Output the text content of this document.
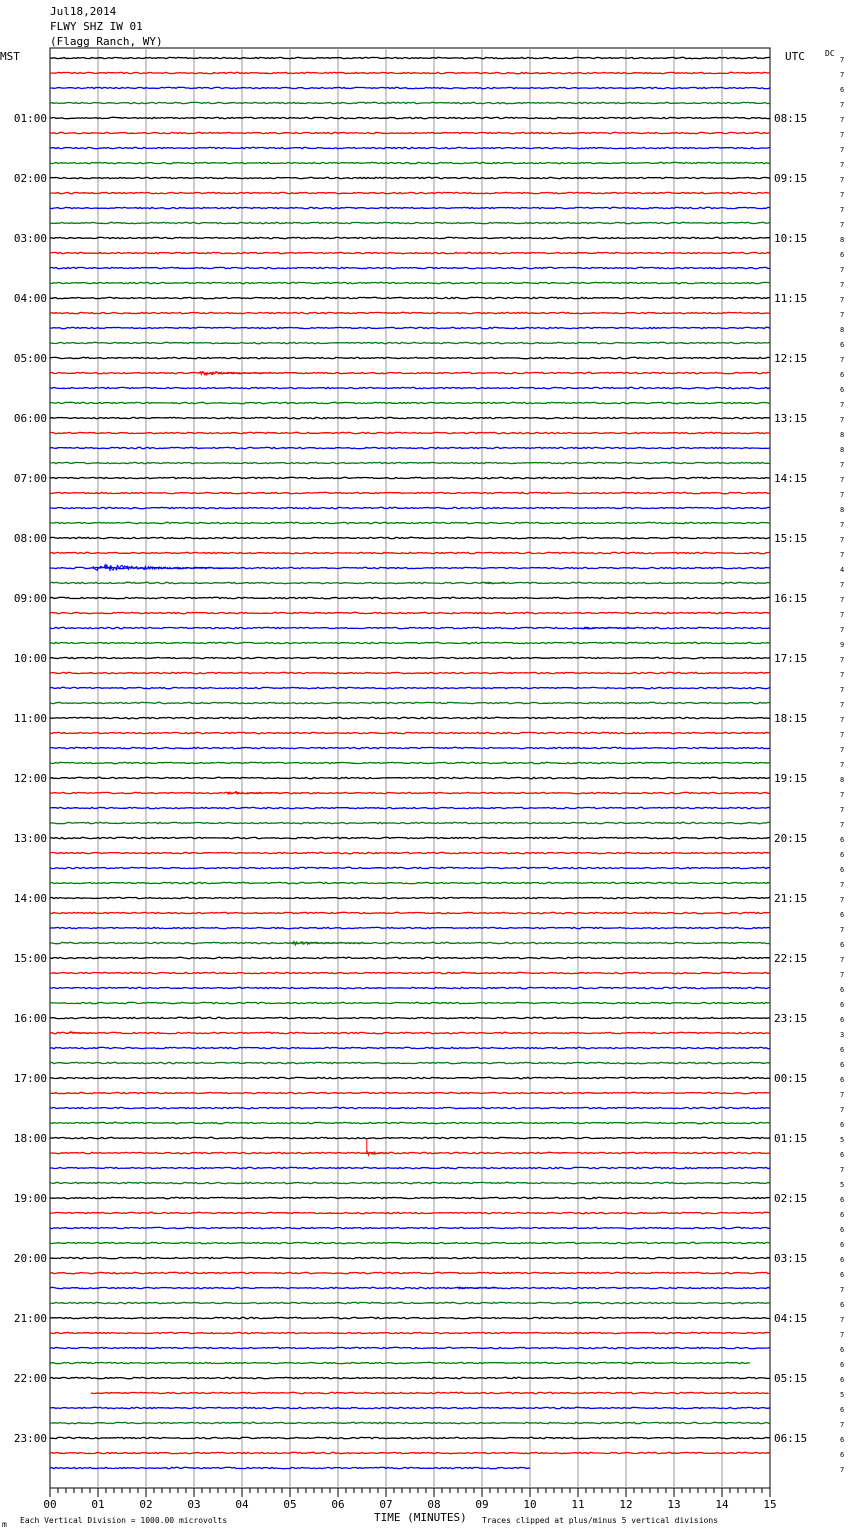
Jul18,2014
FLWY SHZ IW 01
(Flagg Ranch, WY)
MST	UTC	DC
01:00
02:00
03:00
04:00
05:00
06:00
07:00
08:00
09:00
10:00
11:00
12:00
13:00
14:00
15:00
16:00
17:00
18:00
19:00
20:00
21:00
22:00
23:00
08:15
09:15
10:15
11:15
12:15
13:15
14:15
15:15
16:15
17:15
18:15
19:15
20:15
21:15
22:15
23:15
00:15
01:15
02:15
03:15
04:15
05:15
06:15
7
7
6
7
7
7
7
7
7
7
7
7
8
6
7
7
7
7
8
6
7
6
6
7
7
8
8
7
7
7
8
7
7
7
4
7
7
7
7
9
7
7
7
7
7
7
7
7
8
7
7
7
6
6
6
7
7
6
7
6
7
7
6
6
6
3
6
6
6
7
7
6
5
6
7
5
6
6
6
6
6
6
7
6
7
7
6
6
6
5
6
7
6
6
7
00	01	02	03	04	05	06	07	08	09	10	11	12	13	14	15
m Each Vertical Division = 1000.00 microvolts	TIME (MINUTES) Traces clipped at plus/minus 5 vertical divisions
